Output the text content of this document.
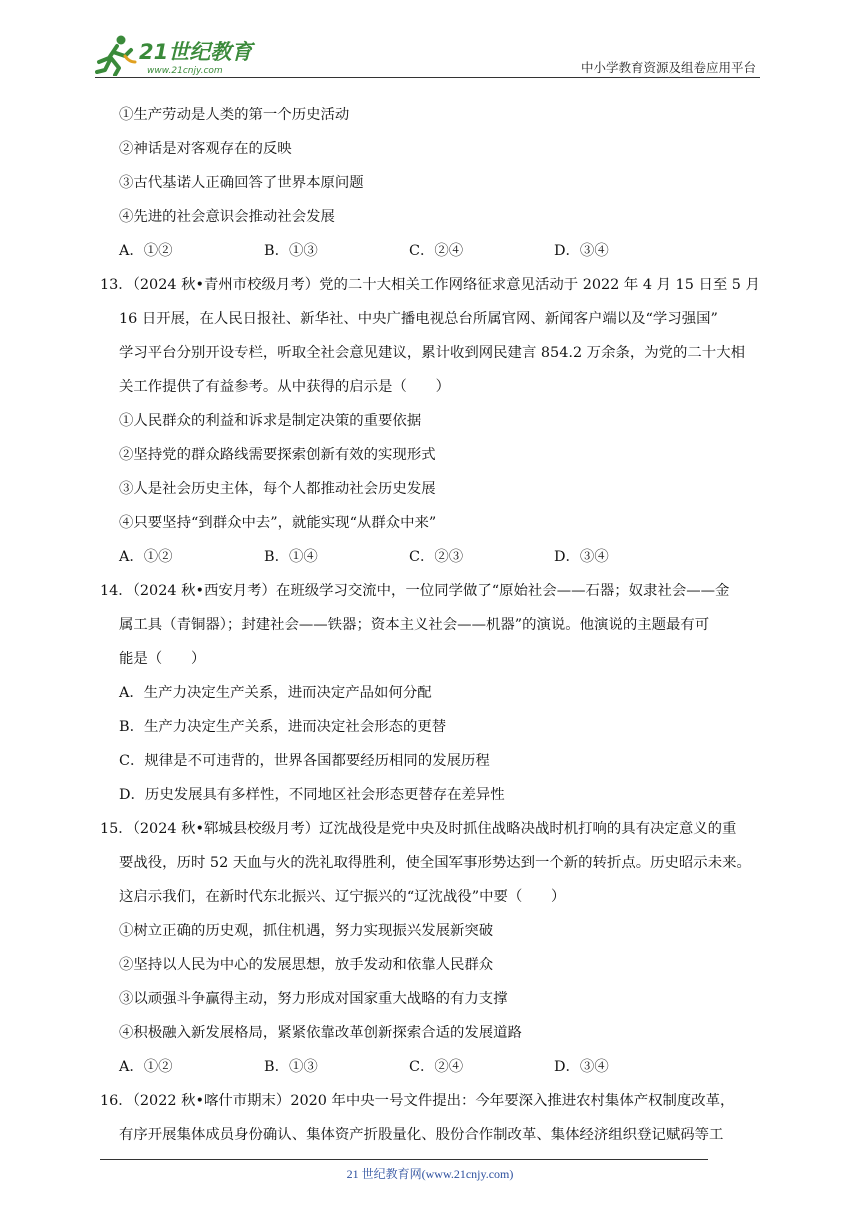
21世纪教育
www.21cnjy.com	中小学教育资源及组卷应用平台
①生产劳动是人类的第一个历史活动
②神话是对客观存在的反映
③古代基诺人正确回答了世界本原问题
④先进的社会意识会推动社会发展
A．①②	B．①③	C．②④	D．③④
13．（2024 秋•青州市校级月考）党的二十大相关工作网络征求意见活动于 2022 年 4 月 15 日至 5 月
16 日开展，在人民日报社、新华社、中央广播电视总台所属官网、新闻客户端以及“学习强国”
学习平台分别开设专栏，听取全社会意见建议，累计收到网民建言 854.2 万余条，为党的二十大相
关工作提供了有益参考。从中获得的启示是（　　）
①人民群众的利益和诉求是制定决策的重要依据
②坚持党的群众路线需要探索创新有效的实现形式
③人是社会历史主体，每个人都推动社会历史发展
④只要坚持“到群众中去”，就能实现“从群众中来”
A．①②	B．①④	C．②③	D．③④
14．（2024 秋•西安月考）在班级学习交流中，一位同学做了“原始社会——石器；奴隶社会——金
属工具（青铜器）；封建社会——铁器；资本主义社会——机器”的演说。他演说的主题最有可
能是（　　）
A．生产力决定生产关系，进而决定产品如何分配
B．生产力决定生产关系，进而决定社会形态的更替
C．规律是不可违背的，世界各国都要经历相同的发展历程
D．历史发展具有多样性，不同地区社会形态更替存在差异性
15．（2024 秋•郓城县校级月考）辽沈战役是党中央及时抓住战略决战时机打响的具有决定意义的重
要战役，历时 52 天血与火的洗礼取得胜利，使全国军事形势达到一个新的转折点。历史昭示未来。
这启示我们，在新时代东北振兴、辽宁振兴的“辽沈战役”中要（　　）
①树立正确的历史观，抓住机遇，努力实现振兴发展新突破
②坚持以人民为中心的发展思想，放手发动和依靠人民群众
③以顽强斗争赢得主动，努力形成对国家重大战略的有力支撑
④积极融入新发展格局，紧紧依靠改革创新探索合适的发展道路
A．①②	B．①③	C．②④	D．③④
16．（2022 秋•喀什市期末）2020 年中央一号文件提出：今年要深入推进农村集体产权制度改革，
有序开展集体成员身份确认、集体资产折股量化、股份合作制改革、集体经济组织登记赋码等工
21 世纪教育网(www.21cnjy.com)
